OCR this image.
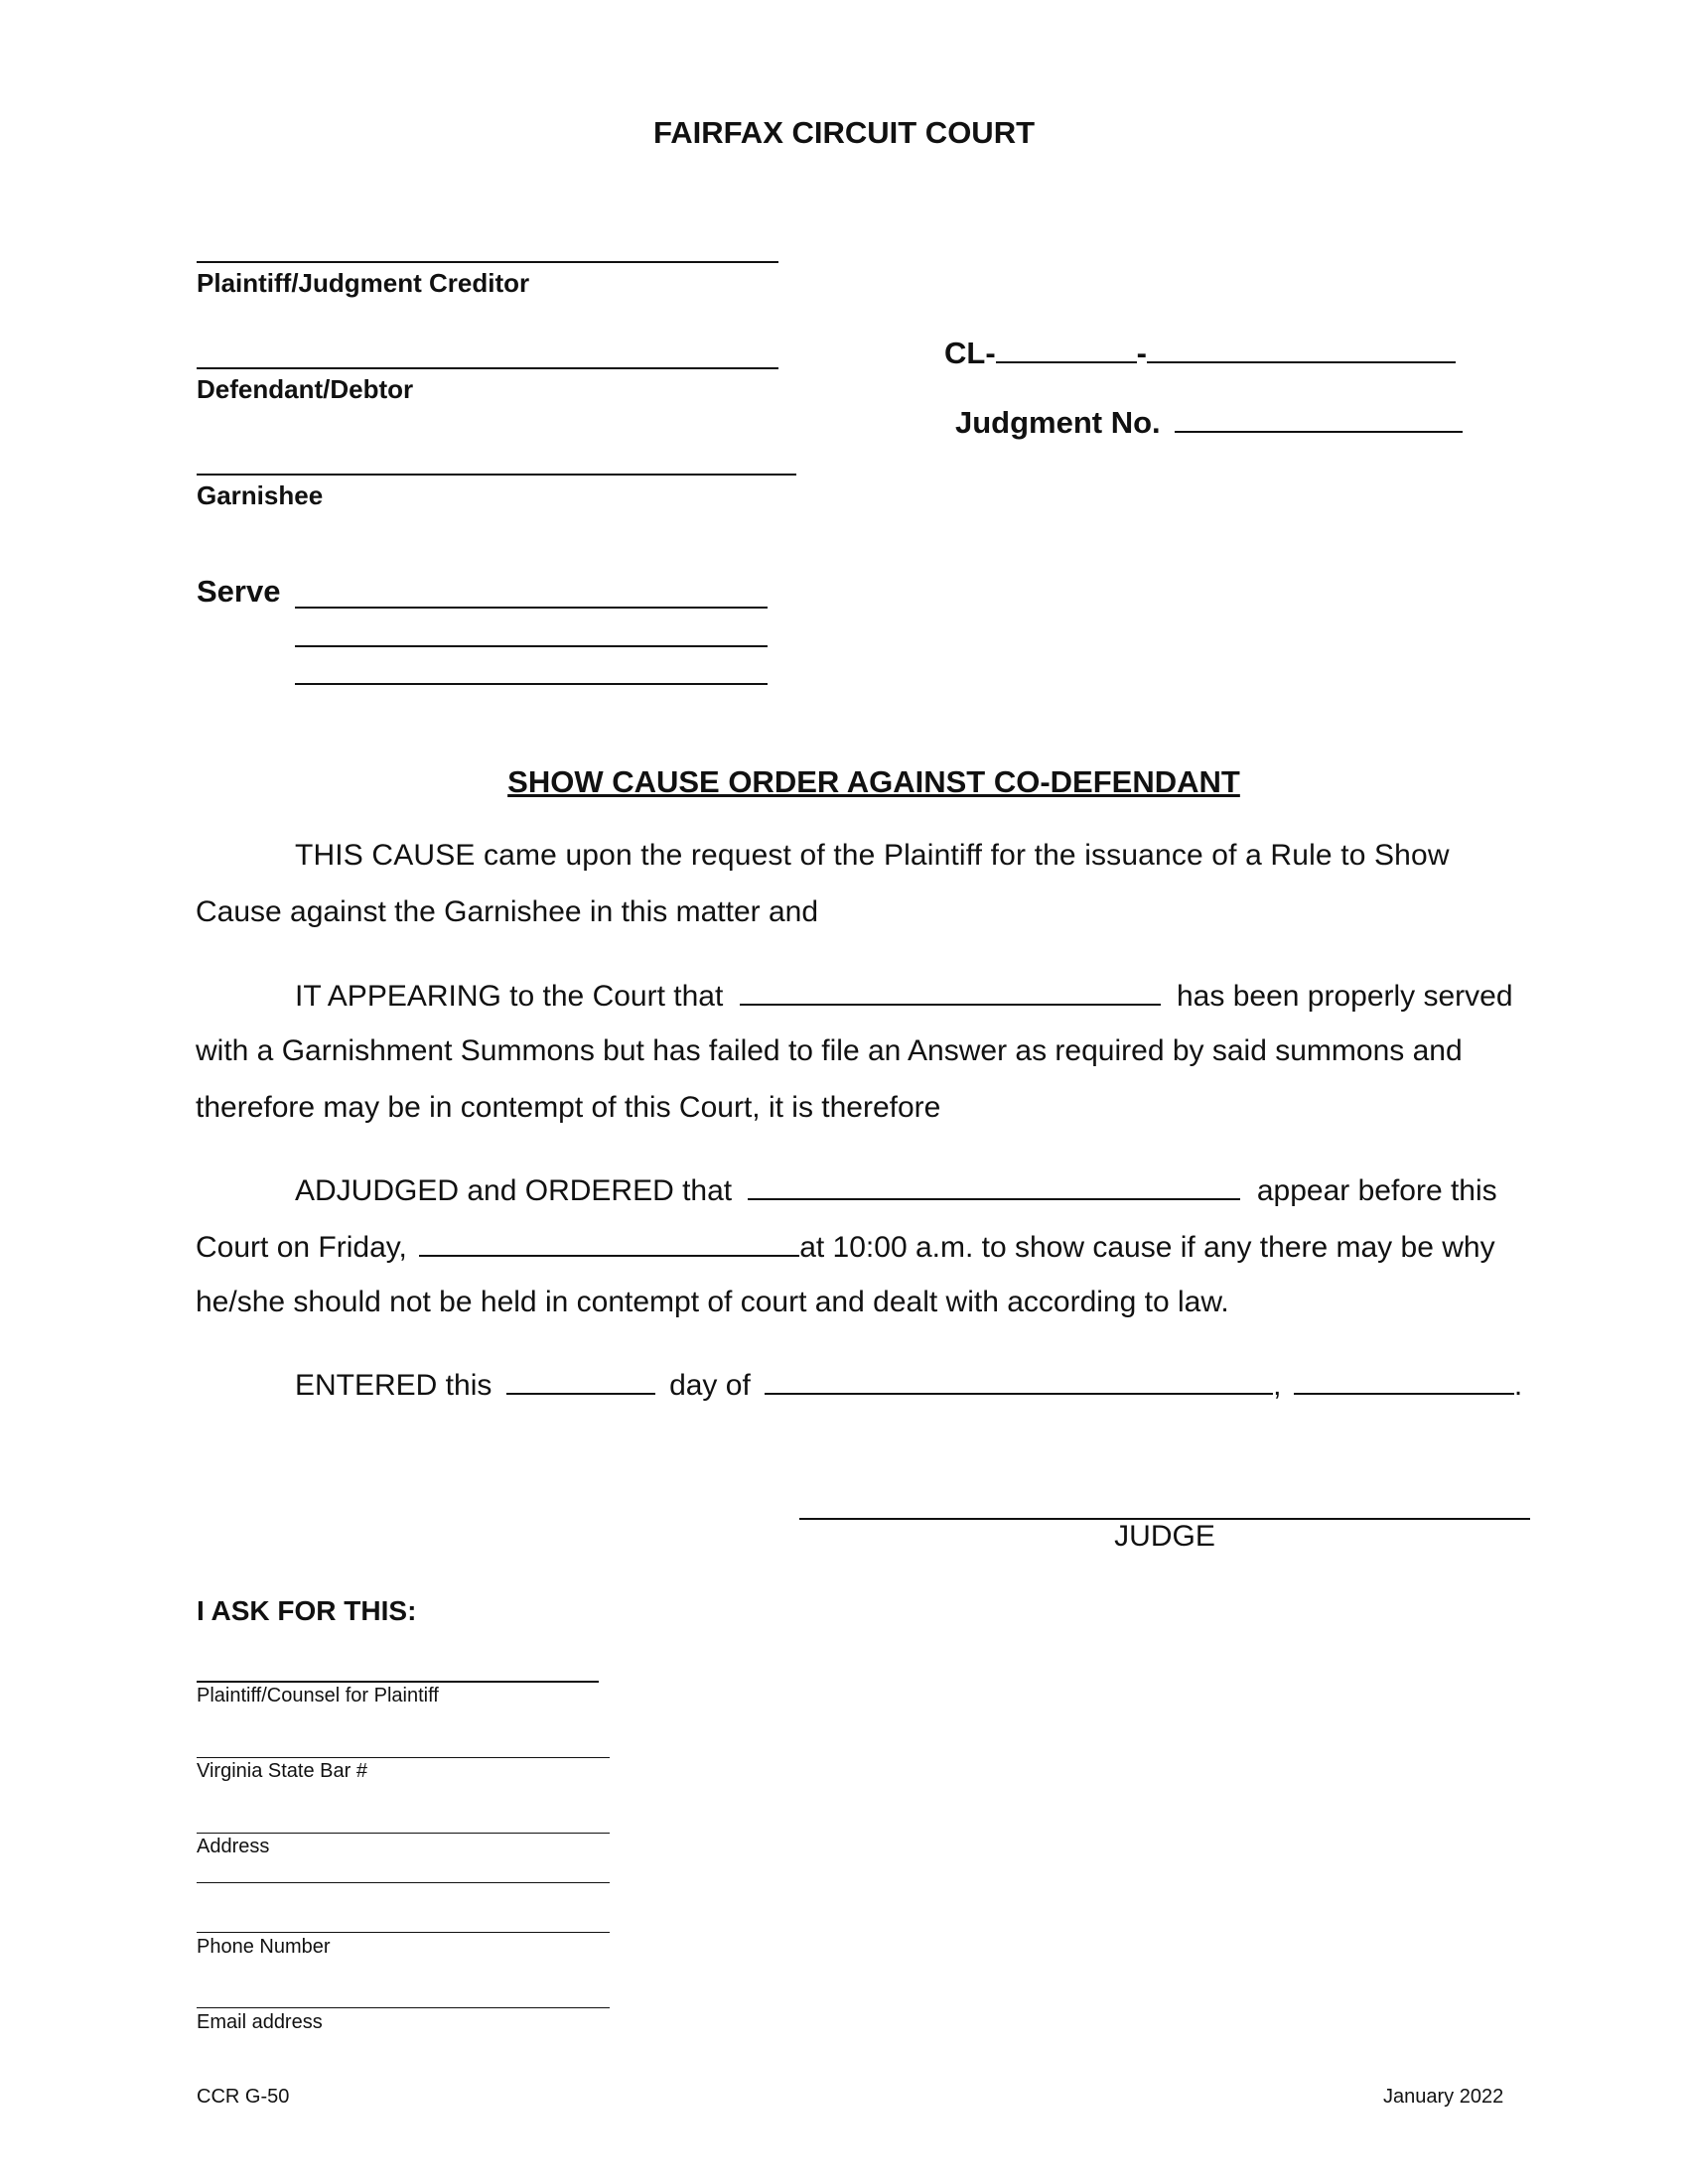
FAIRFAX CIRCUIT COURT
Plaintiff/Judgment Creditor
Defendant/Debtor
Garnishee
Serve
CL-	-
Judgment No.
SHOW CAUSE ORDER AGAINST CO-DEFENDANT
THIS CAUSE came upon the request of the Plaintiff for the issuance of a Rule to Show
Cause against the Garnishee in this matter and
IT APPEARING to the Court that	has been properly served
with a Garnishment Summons but has failed to file an Answer as required by said summons and
therefore may be in contempt of this Court, it is therefore
ADJUDGED and ORDERED that	appear before this
Court on Friday,	at 10:00 a.m. to show cause if any there may be why
he/she should not be held in contempt of court and dealt with according to law.
ENTERED this	day of	,	.
JUDGE
I ASK FOR THIS:
Plaintiff/Counsel for Plaintiff
Virginia State Bar #
Address
Phone Number
Email address
CCR G-50	January 2022
